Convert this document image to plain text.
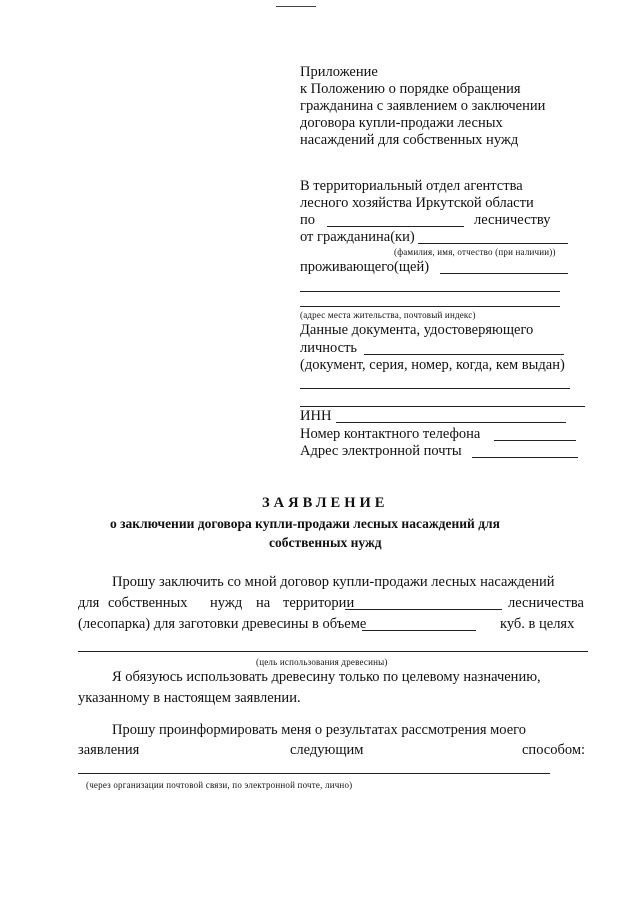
Приложение
к Положению о порядке обращения
гражданина с заявлением о заключении
договора купли-продажи лесных
насаждений для собственных нужд
В территориальный отдел агентства
лесного хозяйства Иркутской области
по	лесничеству
от гражданина(ки)
(фамилия, имя, отчество (при наличии))
проживающего(щей)
(адрес места жительства, почтовый индекс)
Данные документа, удостоверяющего
личность
(документ, серия, номер, когда, кем выдан)
ИНН
Номер контактного телефона
Адрес электронной почты
ЗАЯВЛЕНИЕ
о заключении договора купли-продажи лесных насаждений для
собственных нужд
Прошу заключить со мной договор купли-продажи лесных насаждений
для собственных нужд на территории	лесничества
(лесопарка) для заготовки древесины в объеме	куб. в целях
(цель использования древесины)
Я обязуюсь использовать древесину только по целевому назначению,
указанному в настоящем заявлении.
Прошу проинформировать меня о результатах рассмотрения моего
заявления	следующим	способом:
(через организации почтовой связи, по электронной почте, лично)
